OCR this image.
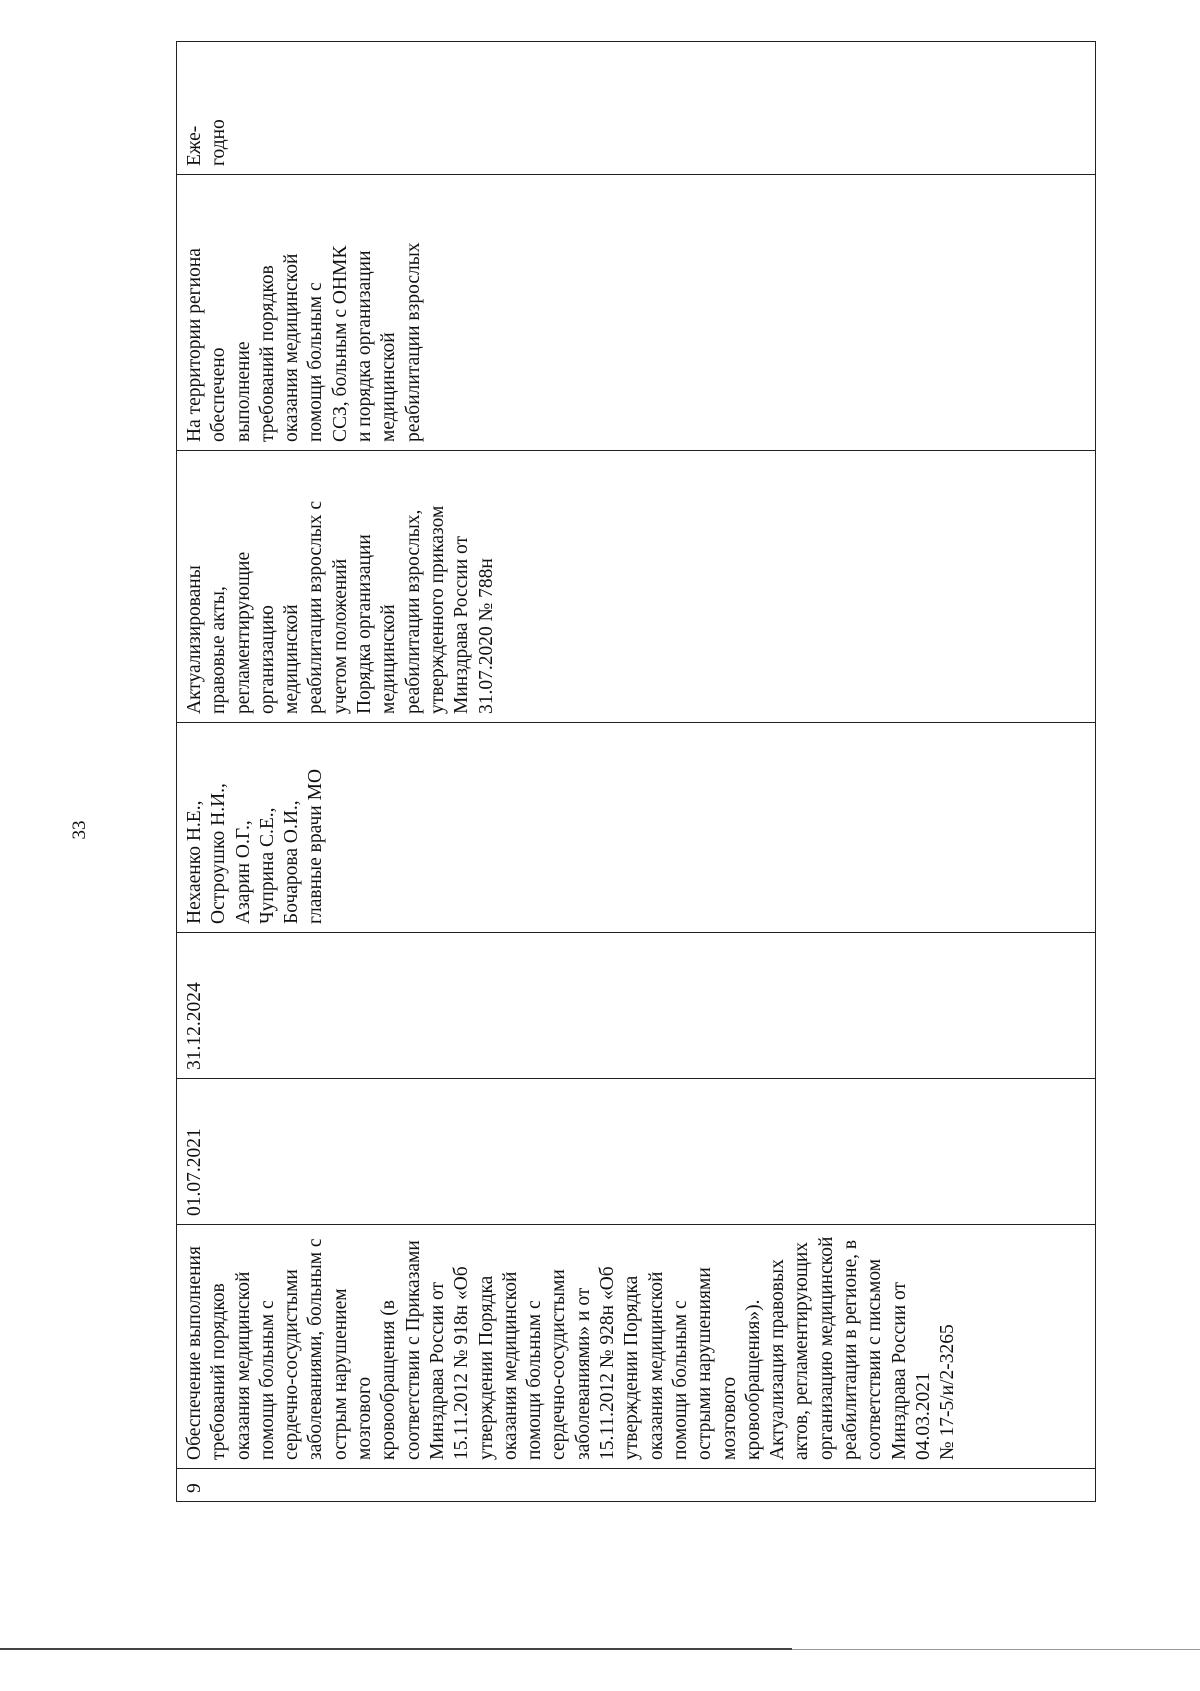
33
9	Обеспечение выполнения
требований порядков
оказания медицинской
помощи больным с
сердечно-сосудистыми
заболеваниями, больным с
острым нарушением
мозгового
кровообращения (в
соответствии с Приказами
Минздрава России от
15.11.2012 № 918н «Об
утверждении Порядка
оказания медицинской
помощи больным с
сердечно-сосудистыми
заболеваниями» и от
15.11.2012 № 928н «Об
утверждении Порядка
оказания медицинской
помощи больным с
острыми нарушениями
мозгового
кровообращения»).
Актуализация правовых
актов, регламентирующих
организацию медицинской
реабилитации в регионе, в
соответствии с письмом
Минздрава России от
04.03.2021
№ 17-5/и/2-3265	01.07.2021	31.12.2024	Нехаенко Н.Е.,
Остроушко Н.И.,
Азарин О.Г.,
Чуприна С.Е.,
Бочарова О.И.,
главные врачи МО	Актуализированы
правовые акты,
регламентирующие
организацию
медицинской
реабилитации взрослых с
учетом положений
Порядка организации
медицинской
реабилитации взрослых,
утвержденного приказом
Минздрава России от
31.07.2020 № 788н	На территории региона
обеспечено
выполнение
требований порядков
оказания медицинской
помощи больным с
ССЗ, больным с ОНМК
и порядка организации
медицинской
реабилитации взрослых	Еже-
годно
